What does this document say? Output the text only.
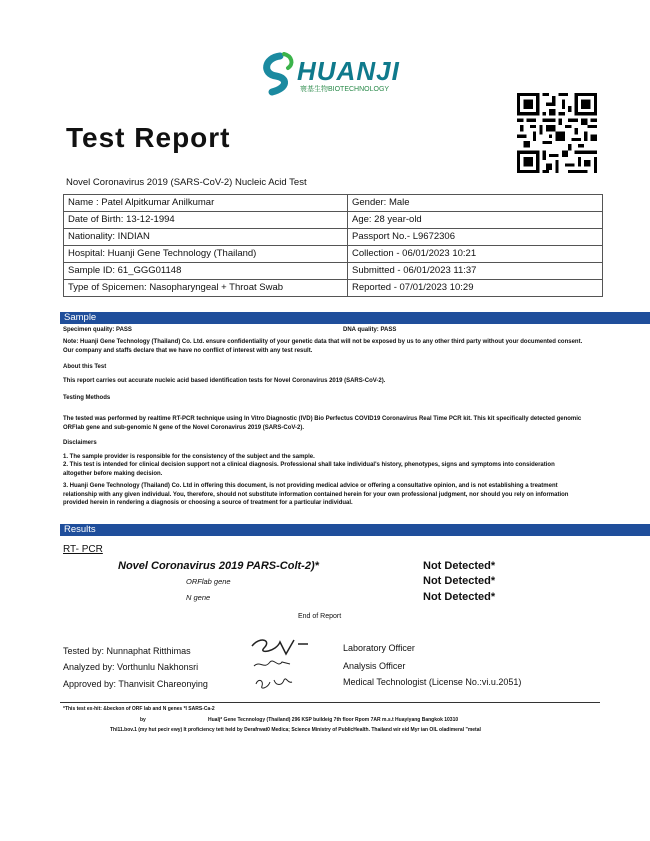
HUANJI
寰基生物BIOTECHNOLOGY
Test Report
Novel Coronavirus 2019 (SARS-CoV-2) Nucleic Acid Test
Name : Patel Alpitkumar Anilkumar	Gender: Male
Date of Birth: 13-12-1994	Age: 28 year-old
Nationality: INDIAN	Passport No.- L9672306
Hospital: Huanji Gene Technology (Thailand)	Collection - 06/01/2023 10:21
Sample ID: 61_GGG01148	Submitted - 06/01/2023 11:37
Type of Spicemen: Nasopharyngeal + Throat Swab	Reported - 07/01/2023 10:29
Sample
Specimen quality: PASS	DNA quality: PASS
Note: Huanji Gene Technology (Thailand) Co. Ltd. ensure confidentiality of your genetic data that will not be exposed by us to any other third party without your documented consent. Our company and staffs declare that we have no conflict of interest with any test result.
About this Test
This report carries out accurate nucleic acid based identification tests for Novel Coronavirus 2019 (SARS-CoV-2).
Testing Methods
The tested was performed by realtime RT-PCR technique using In Vitro Diagnostic (IVD) Bio Perfectus COVID19 Coronavirus Real Time PCR kit. This kit specifically detected genomic ORFlab gene and sub-genomic N gene of the Novel Coronavirus 2019 (SARS-CoV-2).
Disclaimers
1. The sample provider is responsible for the consistency of the subject and the sample.
2. This test is intended for clinical decision support not a clinical diagnosis. Professional shall take individual's history, phenotypes, signs and symptoms into consideration altogether before making decision.
3. Huanji Gene Technology (Thailand) Co. Ltd in offering this document, is not providing medical advice or offering a consultative opinion, and is not establishing a treatment relationship with any given individual. You, therefore, should not substitute information contained herein for your own professional judgment, nor should you rely on information provided herein in rendering a diagnosis or choosing a source of treatment for a particular individual.
Results
RT- PCR
Novel Coronavirus 2019 PARS-Colt-2)*	Not Detected*
ORFlab gene	Not Detected*
N gene	Not Detected*
End of Report
Tested by: Nunnaphat Ritthimas	Laboratory Officer
Analyzed by: Vorthunlu Nakhonsri	Analysis Officer
Approved by: Thanvisit Chareonying	Medical Technologist (License No.:vi.u.2051)
*This test ex-hit: &beckon of ORF lab and N genes *I SARS-Ca-2
by	Hualj* Gene Tecnnology (Thailand) 296 KSP buildeig 7th floor Rpom 7AR m.s.t Huayiyang Bangkok 10310
Thl11.bov.1 (my hut pecir ewy) It proficiency tett held by Derafrwat0 Medica; Science Ministry of PublicHealth. Thailand wir eid Myr ian OIL oladimeral "metal
